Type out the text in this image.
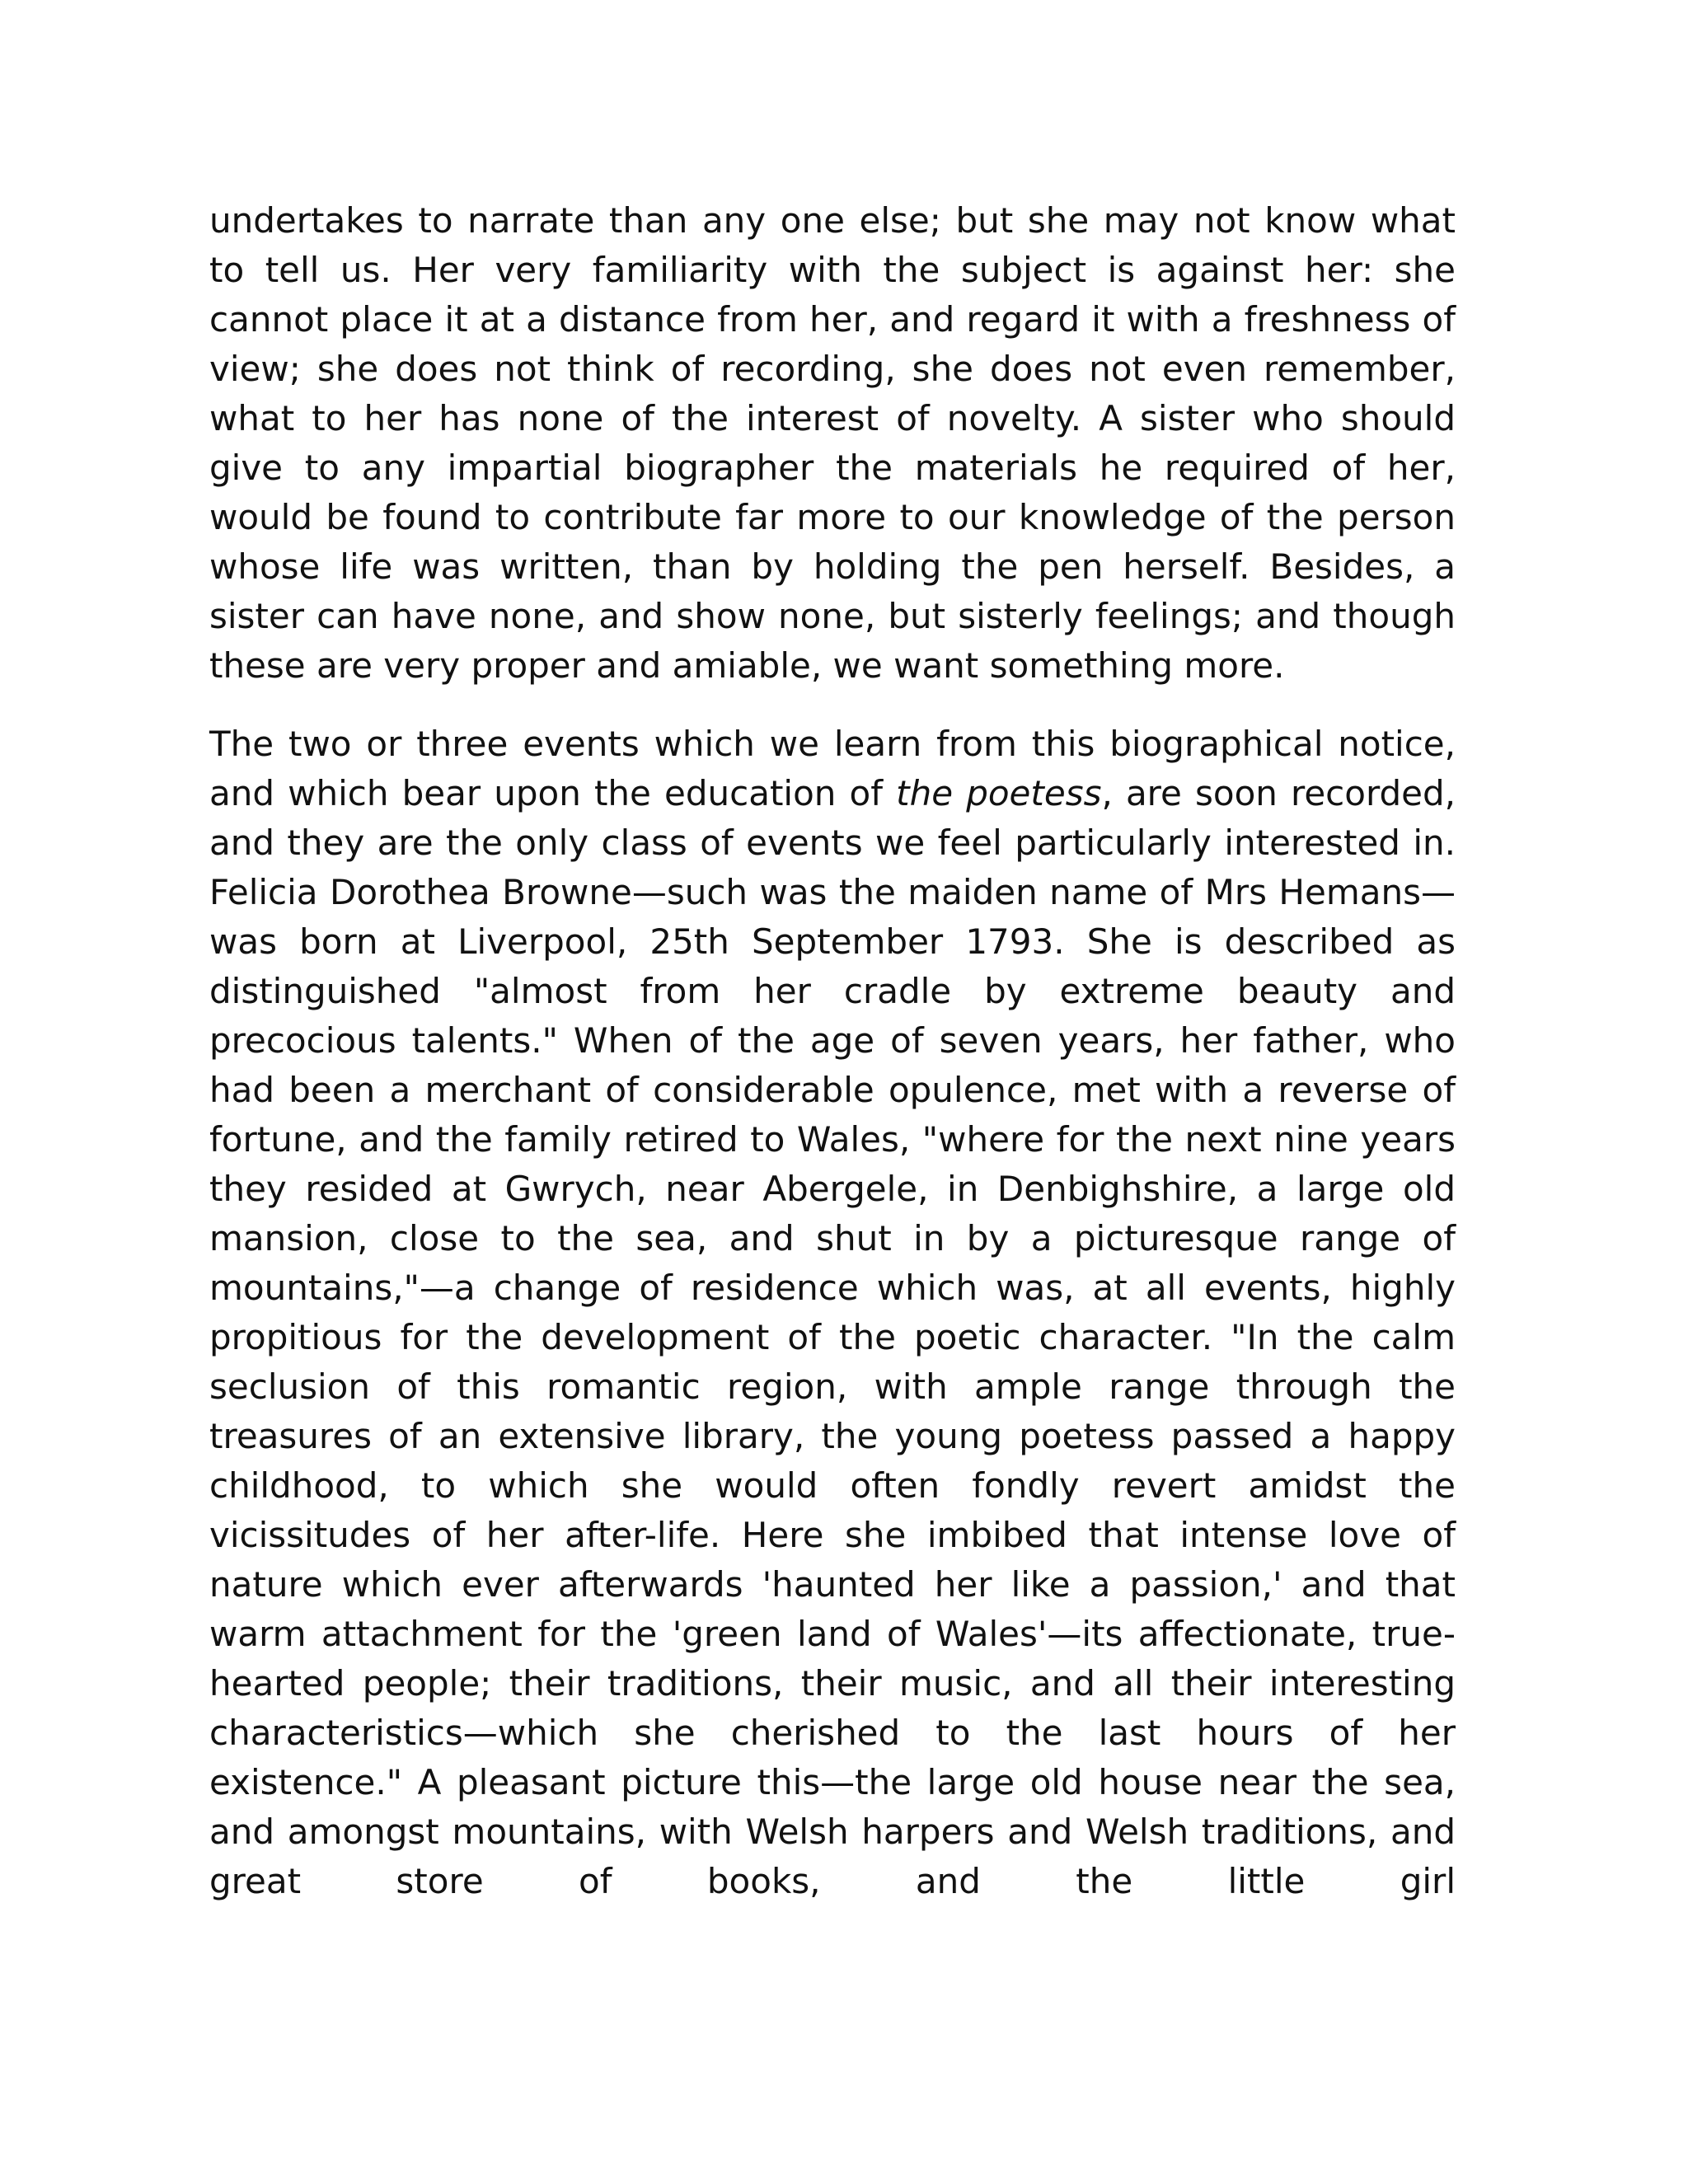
undertakes to narrate than any one else; but she may not know what to tell us. Her very familiarity with the subject is against her: she cannot place it at a distance from her, and regard it with a freshness of view; she does not think of recording, she does not even remember, what to her has none of the interest of novelty. A sister who should give to any impartial biographer the materials he required of her, would be found to contribute far more to our knowledge of the person whose life was written, than by holding the pen herself. Besides, a sister can have none, and show none, but sisterly feelings; and though these are very proper and amiable, we want something more.

The two or three events which we learn from this biographical notice, and which bear upon the education of the poetess, are soon recorded, and they are the only class of events we feel particularly interested in. Felicia Dorothea Browne—such was the maiden name of Mrs Hemans—was born at Liverpool, 25th September 1793. She is described as distinguished "almost from her cradle by extreme beauty and precocious talents." When of the age of seven years, her father, who had been a merchant of considerable opulence, met with a reverse of fortune, and the family retired to Wales, "where for the next nine years they resided at Gwrych, near Abergele, in Denbighshire, a large old mansion, close to the sea, and shut in by a picturesque range of mountains,"—a change of residence which was, at all events, highly propitious for the development of the poetic character. "In the calm seclusion of this romantic region, with ample range through the treasures of an extensive library, the young poetess passed a happy childhood, to which she would often fondly revert amidst the vicissitudes of her after-life. Here she imbibed that intense love of nature which ever afterwards 'haunted her like a passion,' and that warm attachment for the 'green land of Wales'—its affectionate, true-hearted people; their traditions, their music, and all their interesting characteristics—which she cherished to the last hours of her existence." A pleasant picture this—the large old house near the sea, and amongst mountains, with Welsh harpers and Welsh traditions, and great store of books, and the little girl
